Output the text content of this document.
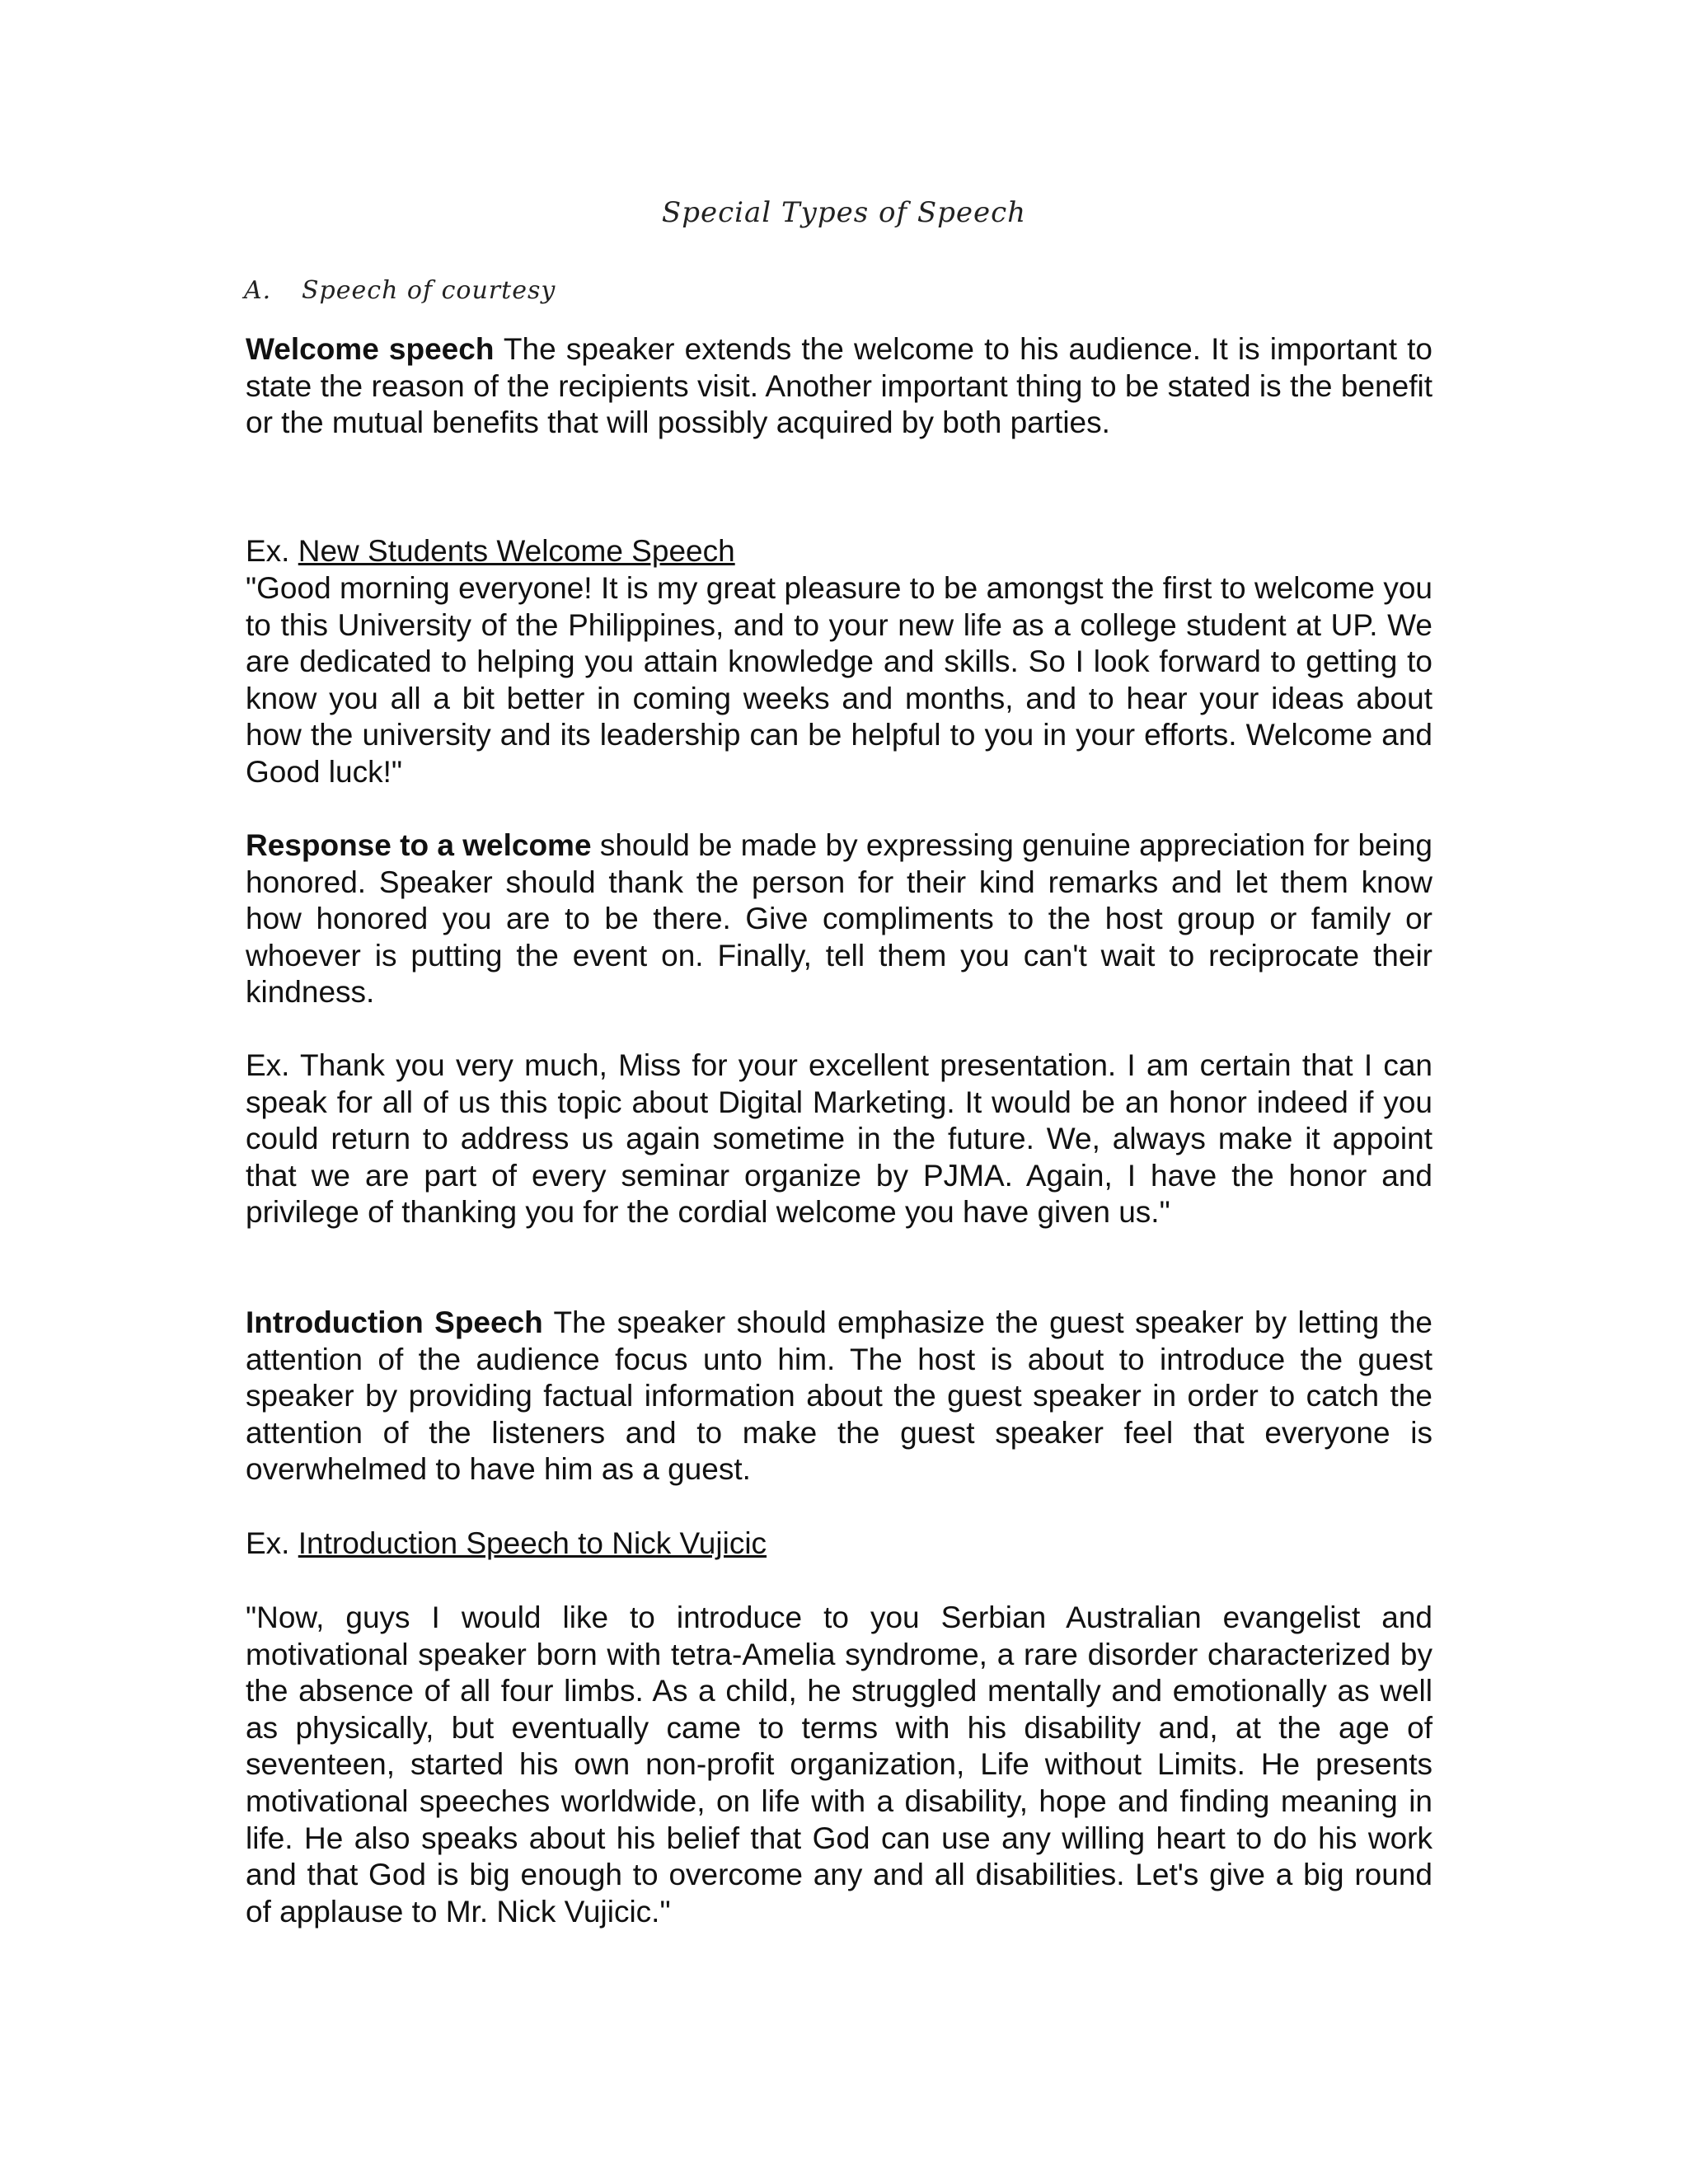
Special Types of Speech
A. Speech of courtesy

Welcome speech The speaker extends the welcome to his audience. It is important to state the reason of the recipients visit. Another important thing to be stated is the benefit or the mutual benefits that will possibly acquired by both parties.

Ex. New Students Welcome Speech

"Good morning everyone! It is my great pleasure to be amongst the first to welcome you to this University of the Philippines, and to your new life as a college student at UP. We are dedicated to helping you attain knowledge and skills. So I look forward to getting to know you all a bit better in coming weeks and months, and to hear your ideas about how the university and its leadership can be helpful to you in your efforts. Welcome and Good luck!"

Response to a welcome should be made by expressing genuine appreciation for being honored. Speaker should thank the person for their kind remarks and let them know how honored you are to be there. Give compliments to the host group or family or whoever is putting the event on. Finally, tell them you can't wait to reciprocate their kindness.

Ex. Thank you very much, Miss for your excellent presentation. I am certain that I can speak for all of us this topic about Digital Marketing. It would be an honor indeed if you could return to address us again sometime in the future. We, always make it appoint that we are part of every seminar organize by PJMA. Again, I have the honor and privilege of thanking you for the cordial welcome you have given us."

Introduction Speech The speaker should emphasize the guest speaker by letting the attention of the audience focus unto him. The host is about to introduce the guest speaker by providing factual information about the guest speaker in order to catch the attention of the listeners and to make the guest speaker feel that everyone is overwhelmed to have him as a guest.

Ex. Introduction Speech to Nick Vujicic

"Now, guys I would like to introduce to you Serbian Australian evangelist and motivational speaker born with tetra-Amelia syndrome, a rare disorder characterized by the absence of all four limbs. As a child, he struggled mentally and emotionally as well as physically, but eventually came to terms with his disability and, at the age of seventeen, started his own non-profit organization, Life without Limits. He presents motivational speeches worldwide, on life with a disability, hope and finding meaning in life. He also speaks about his belief that God can use any willing heart to do his work and that God is big enough to overcome any and all disabilities. Let's give a big round of applause to Mr. Nick Vujicic."
